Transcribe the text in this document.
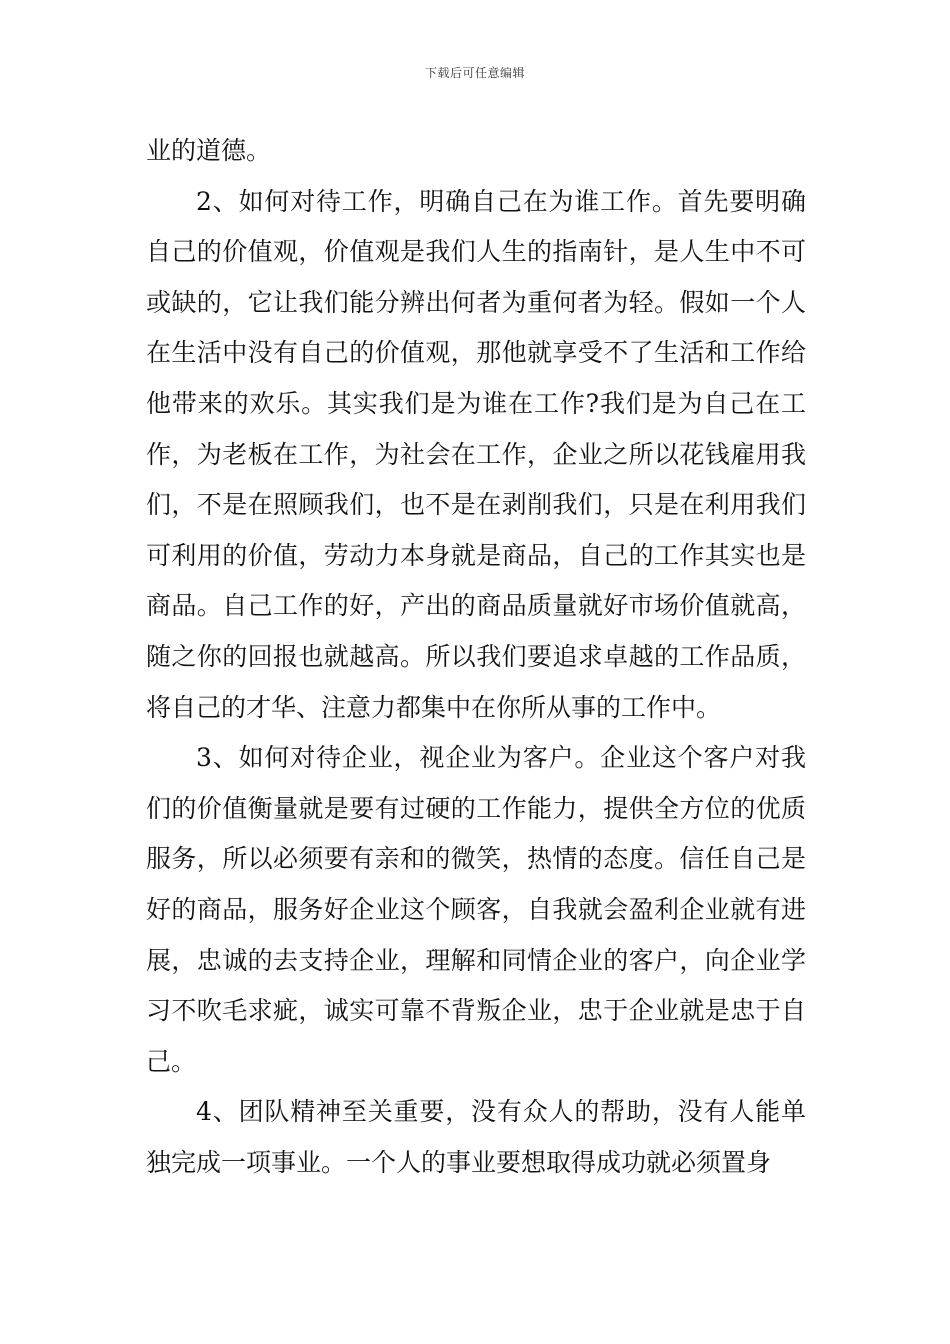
下载后可任意编辑

业的道德。

2、如何对待工作，明确自己在为谁工作。首先要明确自己的价值观，价值观是我们人生的指南针，是人生中不可或缺的，它让我们能分辨出何者为重何者为轻。假如一个人在生活中没有自己的价值观，那他就享受不了生活和工作给他带来的欢乐。其实我们是为谁在工作?我们是为自己在工作，为老板在工作，为社会在工作，企业之所以花钱雇用我们，不是在照顾我们，也不是在剥削我们，只是在利用我们可利用的价值，劳动力本身就是商品，自己的工作其实也是商品。自己工作的好，产出的商品质量就好市场价值就高，随之你的回报也就越高。所以我们要追求卓越的工作品质，将自己的才华、注意力都集中在你所从事的工作中。

3、如何对待企业，视企业为客户。企业这个客户对我们的价值衡量就是要有过硬的工作能力，提供全方位的优质服务，所以必须要有亲和的微笑，热情的态度。信任自己是好的商品，服务好企业这个顾客，自我就会盈利企业就有进展，忠诚的去支持企业，理解和同情企业的客户，向企业学习不吹毛求疵，诚实可靠不背叛企业，忠于企业就是忠于自己。

4、团队精神至关重要，没有众人的帮助，没有人能单独完成一项事业。一个人的事业要想取得成功就必须置身
